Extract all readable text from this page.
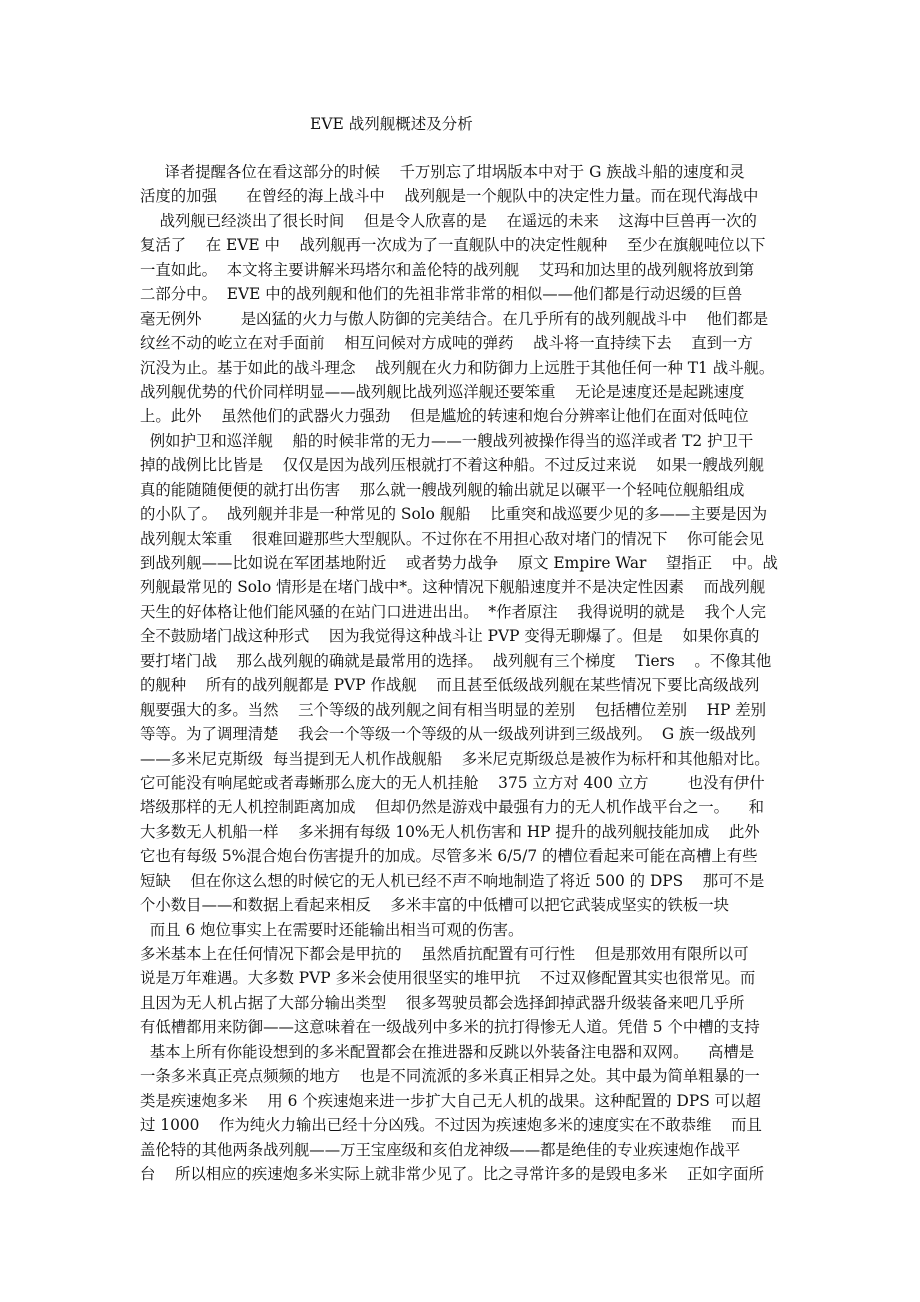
EVE 战列舰概述及分析
译者提醒各位在看这部分的时候    千万别忘了坩埚版本中对于 G 族战斗船的速度和灵
活度的加强      在曾经的海上战斗中    战列舰是一个舰队中的决定性力量。而在现代海战中
战列舰已经淡出了很长时间    但是令人欣喜的是    在遥远的未来    这海中巨兽再一次的
复活了    在 EVE 中    战列舰再一次成为了一直舰队中的决定性舰种    至少在旗舰吨位以下
一直如此。  本文将主要讲解米玛塔尔和盖伦特的战列舰    艾玛和加达里的战列舰将放到第
二部分中。  EVE 中的战列舰和他们的先祖非常非常的相似——他们都是行动迟缓的巨兽
毫无例外        是凶猛的火力与傲人防御的完美结合。在几乎所有的战列舰战斗中    他们都是
纹丝不动的屹立在对手面前    相互问候对方成吨的弹药    战斗将一直持续下去    直到一方
沉没为止。基于如此的战斗理念    战列舰在火力和防御力上远胜于其他任何一种 T1 战斗舰。
战列舰优势的代价同样明显——战列舰比战列巡洋舰还要笨重    无论是速度还是起跳速度
上。此外    虽然他们的武器火力强劲    但是尴尬的转速和炮台分辨率让他们在面对低吨位
例如护卫和巡洋舰    船的时候非常的无力——一艘战列被操作得当的巡洋或者 T2 护卫干
掉的战例比比皆是    仅仅是因为战列压根就打不着这种船。不过反过来说    如果一艘战列舰
真的能随随便便的就打出伤害    那么就一艘战列舰的输出就足以碾平一个轻吨位舰船组成
的小队了。  战列舰并非是一种常见的 Solo 舰船    比重突和战巡要少见的多——主要是因为
战列舰太笨重    很难回避那些大型舰队。不过你在不用担心敌对堵门的情况下    你可能会见
到战列舰——比如说在军团基地附近    或者势力战争    原文 Empire War    望指正    中。战
列舰最常见的 Solo 情形是在堵门战中*。这种情况下舰船速度并不是决定性因素    而战列舰
天生的好体格让他们能风骚的在站门口进进出出。  *作者原注    我得说明的就是    我个人完
全不鼓励堵门战这种形式    因为我觉得这种战斗让 PVP 变得无聊爆了。但是    如果你真的
要打堵门战    那么战列舰的确就是最常用的选择。  战列舰有三个梯度    Tiers    。不像其他
的舰种    所有的战列舰都是 PVP 作战舰    而且甚至低级战列舰在某些情况下要比高级战列
舰要强大的多。当然    三个等级的战列舰之间有相当明显的差别    包括槽位差别    HP 差别
等等。为了调理清楚    我会一个等级一个等级的从一级战列讲到三级战列。  G 族一级战列
——多米尼克斯级  每当提到无人机作战舰船    多米尼克斯级总是被作为标杆和其他船对比。
它可能没有响尾蛇或者毒蜥那么庞大的无人机挂舱    375 立方对 400 立方        也没有伊什
塔级那样的无人机控制距离加成    但却仍然是游戏中最强有力的无人机作战平台之一。    和
大多数无人机船一样    多米拥有每级 10%无人机伤害和 HP 提升的战列舰技能加成    此外
它也有每级 5%混合炮台伤害提升的加成。尽管多米 6/5/7 的槽位看起来可能在高槽上有些
短缺    但在你这么想的时候它的无人机已经不声不响地制造了将近 500 的 DPS    那可不是
个小数目——和数据上看起来相反    多米丰富的中低槽可以把它武装成坚实的铁板一块
而且 6 炮位事实上在需要时还能输出相当可观的伤害。
多米基本上在任何情况下都会是甲抗的    虽然盾抗配置有可行性    但是那效用有限所以可
说是万年难遇。大多数 PVP 多米会使用很坚实的堆甲抗    不过双修配置其实也很常见。而
且因为无人机占据了大部分输出类型    很多驾驶员都会选择卸掉武器升级装备来吧几乎所
有低槽都用来防御——这意味着在一级战列中多米的抗打得惨无人道。凭借 5 个中槽的支持
基本上所有你能设想到的多米配置都会在推进器和反跳以外装备注电器和双网。    高槽是
一条多米真正亮点频频的地方    也是不同流派的多米真正相异之处。其中最为简单粗暴的一
类是疾速炮多米    用 6 个疾速炮来进一步扩大自己无人机的战果。这种配置的 DPS 可以超
过 1000    作为纯火力输出已经十分凶残。不过因为疾速炮多米的速度实在不敢恭维    而且
盖伦特的其他两条战列舰——万王宝座级和亥伯龙神级——都是绝佳的专业疾速炮作战平
台    所以相应的疾速炮多米实际上就非常少见了。比之寻常许多的是毁电多米    正如字面所
